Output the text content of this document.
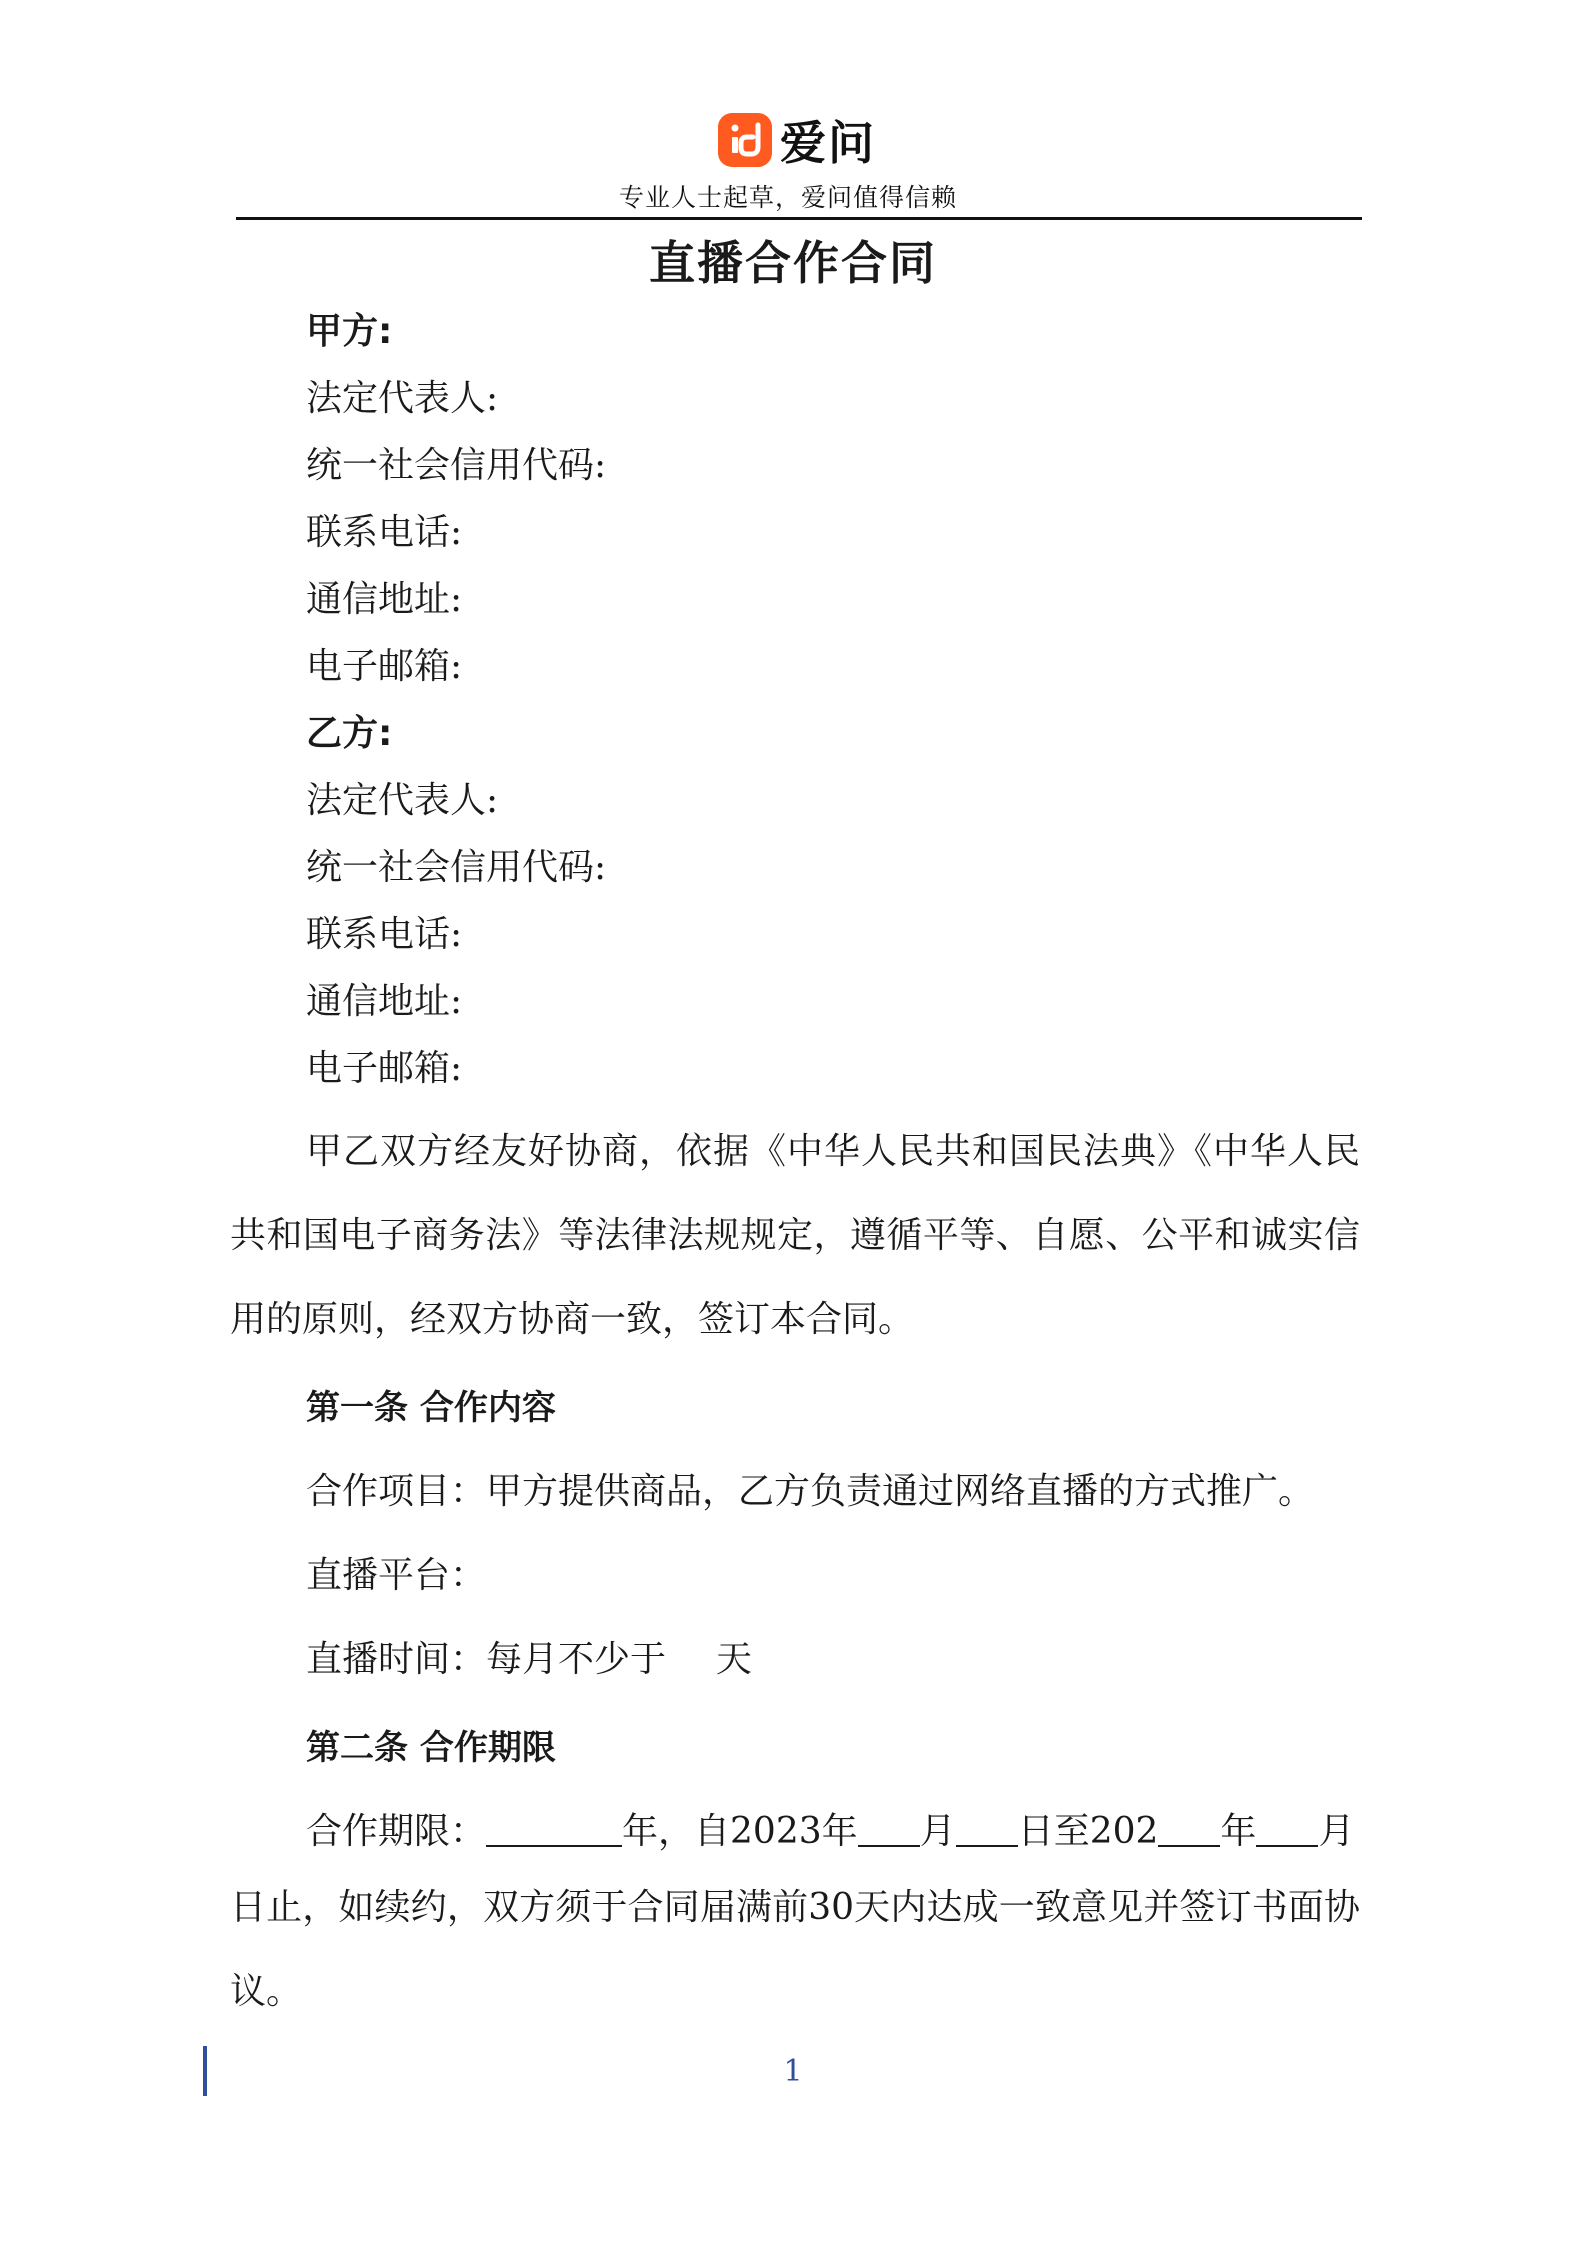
爱问
专业人士起草，爱问值得信赖
直播合作合同
甲方:
法定代表人:
统一社会信用代码:
联系电话:
通信地址:
电子邮箱:
乙方:
法定代表人:
统一社会信用代码:
联系电话:
通信地址:
电子邮箱:
甲乙双方经友好协商，依据《中华人民共和国民法典》《中华人民共和国电子商务法》等法律法规规定，遵循平等、自愿、公平和诚实信用的原则，经双方协商一致，签订本合同。
第一条 合作内容
合作项目：甲方提供商品，乙方负责通过网络直播的方式推广。
直播平台：
直播时间：每月不少于 天
第二条 合作期限
合作期限：	年，自2023年 月 日至202 年 月
日止，如续约，双方须于合同届满前30天内达成一致意见并签订书面协议。
1
